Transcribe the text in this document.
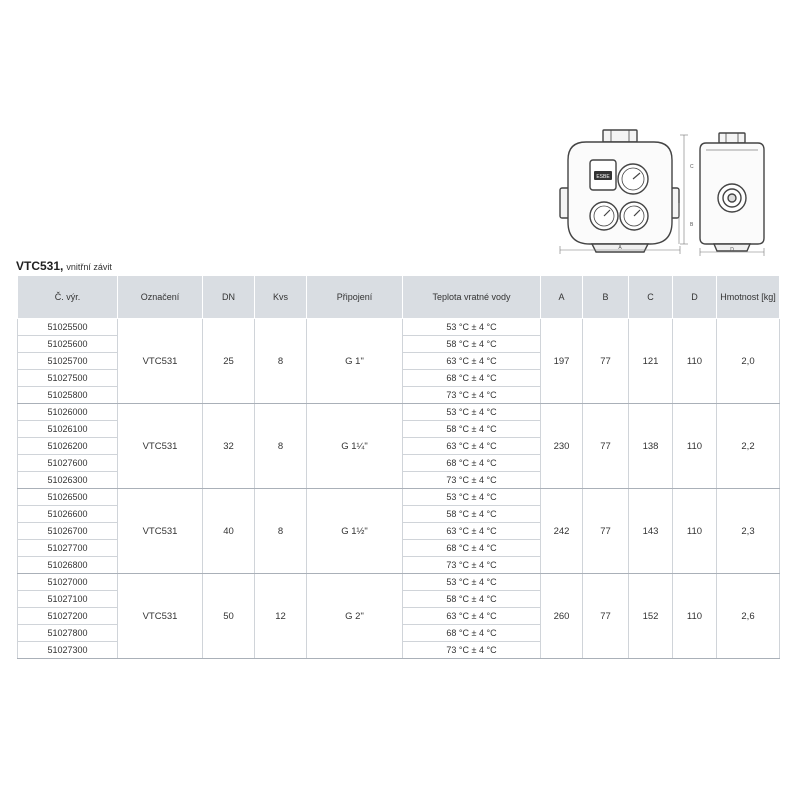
ESBE
A
C
B
D
VTC531, vnitřní závit
Č. výr.	Označení	DN	Kvs	Připojení	Teplota vratné vody	A	B	C	D	Hmotnost [kg]
51025500	VTC531	25	8	G 1"	53 °C ± 4 °C	197	77	121	110	2,0
51025600					58 °C ± 4 °C					
51025700					63 °C ± 4 °C					
51027500					68 °C ± 4 °C					
51025800					73 °C ± 4 °C					
51026000	VTC531	32	8	G 1¼"	53 °C ± 4 °C	230	77	138	110	2,2
51026100					58 °C ± 4 °C					
51026200					63 °C ± 4 °C					
51027600					68 °C ± 4 °C					
51026300					73 °C ± 4 °C					
51026500	VTC531	40	8	G 1½"	53 °C ± 4 °C	242	77	143	110	2,3
51026600					58 °C ± 4 °C					
51026700					63 °C ± 4 °C					
51027700					68 °C ± 4 °C					
51026800					73 °C ± 4 °C					
51027000	VTC531	50	12	G 2"	53 °C ± 4 °C	260	77	152	110	2,6
51027100					58 °C ± 4 °C					
51027200					63 °C ± 4 °C					
51027800					68 °C ± 4 °C					
51027300					73 °C ± 4 °C					
